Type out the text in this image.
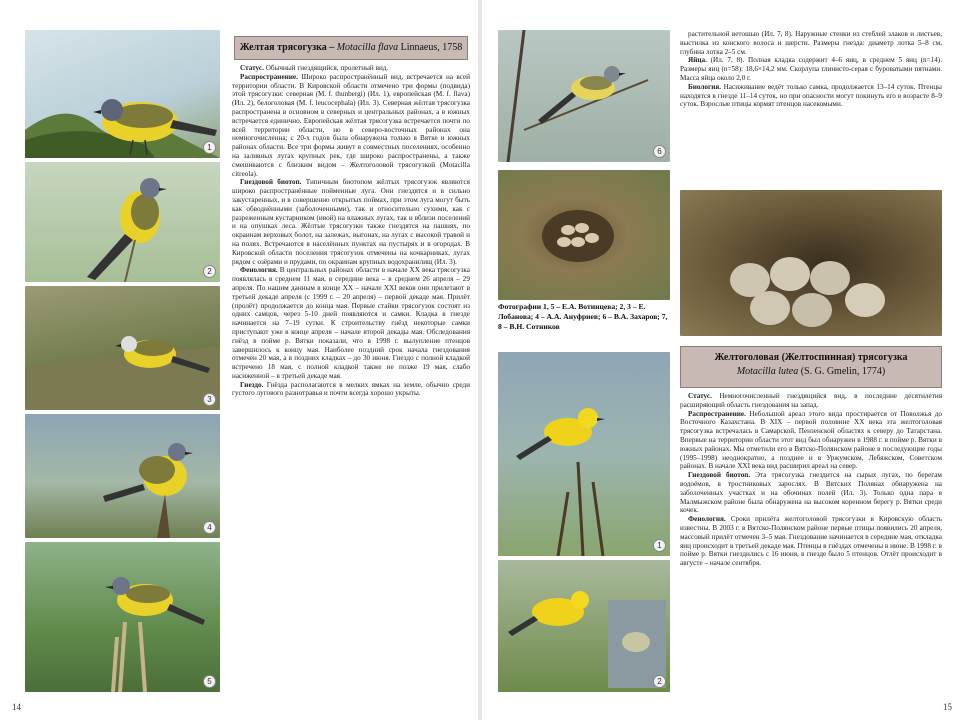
1
2
3
4
5
Желтая трясогузка – Motacilla flava Linnaeus, 1758

Статус. Обычный гнездящийся, пролетный вид.

Распространение. Широко распространённый вид, встречается на всей территории области. В Кировской области отмечено три формы (подвида) этой трясогузки: северная (M. f. thunbergi) (Ил. 1), европейская (M. f. flava) (Ил. 2), белоголовая (M. f. leucocephala) (Ил. 3). Северная жёлтая трясогузка распространена в основном в северных и центральных районах, а в южных встречается единично. Европейская жёлтая трясогузка встречается почти по всей территории области, но в северо-восточных районах она немногочисленна; с 20-х годов была обнаружена только в Вятке и южных районах области. Все три формы живут в совместных поселениях, особенно на заливных лугах крупных рек, где широко распространены, а также смешиваются с близким видом – Желтоголовой трясогузкой (Motacilla citreola).

Гнездовой биотоп. Типичным биотопом жёлтых трясогузок являются широко распространённые пойменные луга. Они гнездятся и в сильно закустаренных, и в совершенно открытых поймах, при этом луга могут быть как обводнёнными (заболоченными), так и относительно сухими, как с разреженным кустарником (ивой) на влажных лугах, так и вблизи поселений и на опушках леса. Жёлтые трясогузки также гнездятся на пашнях, по окраинам верховых болот, на залежах, выгонах, на лугах с высокой травой и на полях. Встречаются в населённых пунктах на пустырях и в огородах. В Кировской области поселения трясогузок отмечены на кочкарниках, лугах рядом с озёрами и прудами, по окраинам крупных водохранилищ (Ил. 3).

Фенология. В центральных районах области в начале XX века трясогузка появлялась в среднем 11 мая, в середине века – в среднем 26 апреля – 29 апреля. По нашим данным в конце XX – начале XXI веков они прилетают в третьей декаде апреля (с 1999 г. – 20 апреля) – первой декаде мая. Прилёт (пролёт) продолжается до конца мая. Первые стайки трясогузок состоят из одних самцов, через 5-10 дней появляются и самки. Кладка в гнезде начинается на 7–19 сутки. К строительству гнёзд некоторые самки приступают уже в конце апреля – начале второй декады мая. Обследования гнёзд в пойме р. Вятки показали, что в 1998 г. вылупление птенцов завершилось к концу мая. Наиболее поздний срок начала гнездования отмечен 20 мая, а в поздних кладках – до 30 июня. Гнездо с полной кладкой встречено 18 мая, с полной кладкой также не позже 19 мая, слабо насиженной – в третьей декаде мая.

Гнездо. Гнёзда располагаются в мелких ямках на земле, обычно среди густого лугового разнотравья и почти всегда хорошо укрыты.

14
6
Фотографии 1, 5 – Е.А. Вотинцева; 2, 3 – Е. Лобанова; 4 – А.А. Ануфриев; 6 – В.А. Захаров; 7, 8 – В.Н. Сотников

растительной ветошью (Ил. 7, 8). Наружные стенки из стеблей злаков и листьев, выстилка из конского волоса и шерсти. Размеры гнезда: диаметр лотка 5–8 см, глубина лотка 2–5 см.

Яйца. (Ил. 7, 8). Полная кладка содержит 4–6 яиц, в среднем 5 яиц (n=14). Размеры яиц (n=58): 18,6×14,2 мм. Скорлупа глинисто-серая с буроватыми пятнами. Масса яйца около 2,0 г.

Биология. Насиживание ведёт только самка, продолжается 13–14 суток. Птенцы находятся в гнезде 11–14 суток, но при опасности могут покинуть его в возрасте 8–9 суток. Взрослые птицы кормят птенцов насекомыми.

1
2
Желтоголовая (Желтоспинная) трясогузка
Motacilla lutea (S. G. Gmelin, 1774)

Статус. Немногочисленный гнездящийся вид, в последние десятилетия расширяющий область гнездования на запад.

Распространение. Небольшой ареал этого вида простирается от Поволжья до Восточного Казахстана. В XIX – первой половине XX века эта желтоголовая трясогузка встречалась в Самарской, Пензенской областях к северу до Татарстана. Впервые на территории области этот вид был обнаружен в 1988 г. в пойме р. Вятки в южных районах. Мы отметили его в Вятско-Полянском районе в последующие годы (1995–1998) неоднократно, а позднее и в Уржумском, Лебяжском, Советском районах. В начале XXI века вид расширил ареал на север.

Гнездовой биотоп. Эта трясогузка гнездится на сырых лугах, по берегам водоёмов, в тростниковых зарослях. В Вятских Полянах обнаружена на заболоченных участках и на обочинах полей (Ил. 3). Только одна пара в Малмыжском районе была обнаружена на высоком коренном берегу р. Вятки среди кочек.

Фенология. Сроки прилёта желтоголовой трясогузки в Кировскую область известны. В 2003 г. в Вятско-Полянском районе первые птицы появились 20 апреля, массовый прилёт отмечен 3–5 мая. Гнездование начинается в середине мая, откладка яиц происходит в третьей декаде мая. Птенцы в гнёздах отмечены в июне. В 1998 г. в пойме р. Вятки гнездились с 16 июня, в гнезде было 5 птенцов. Отлёт происходит в августе – начале сентября.

15
